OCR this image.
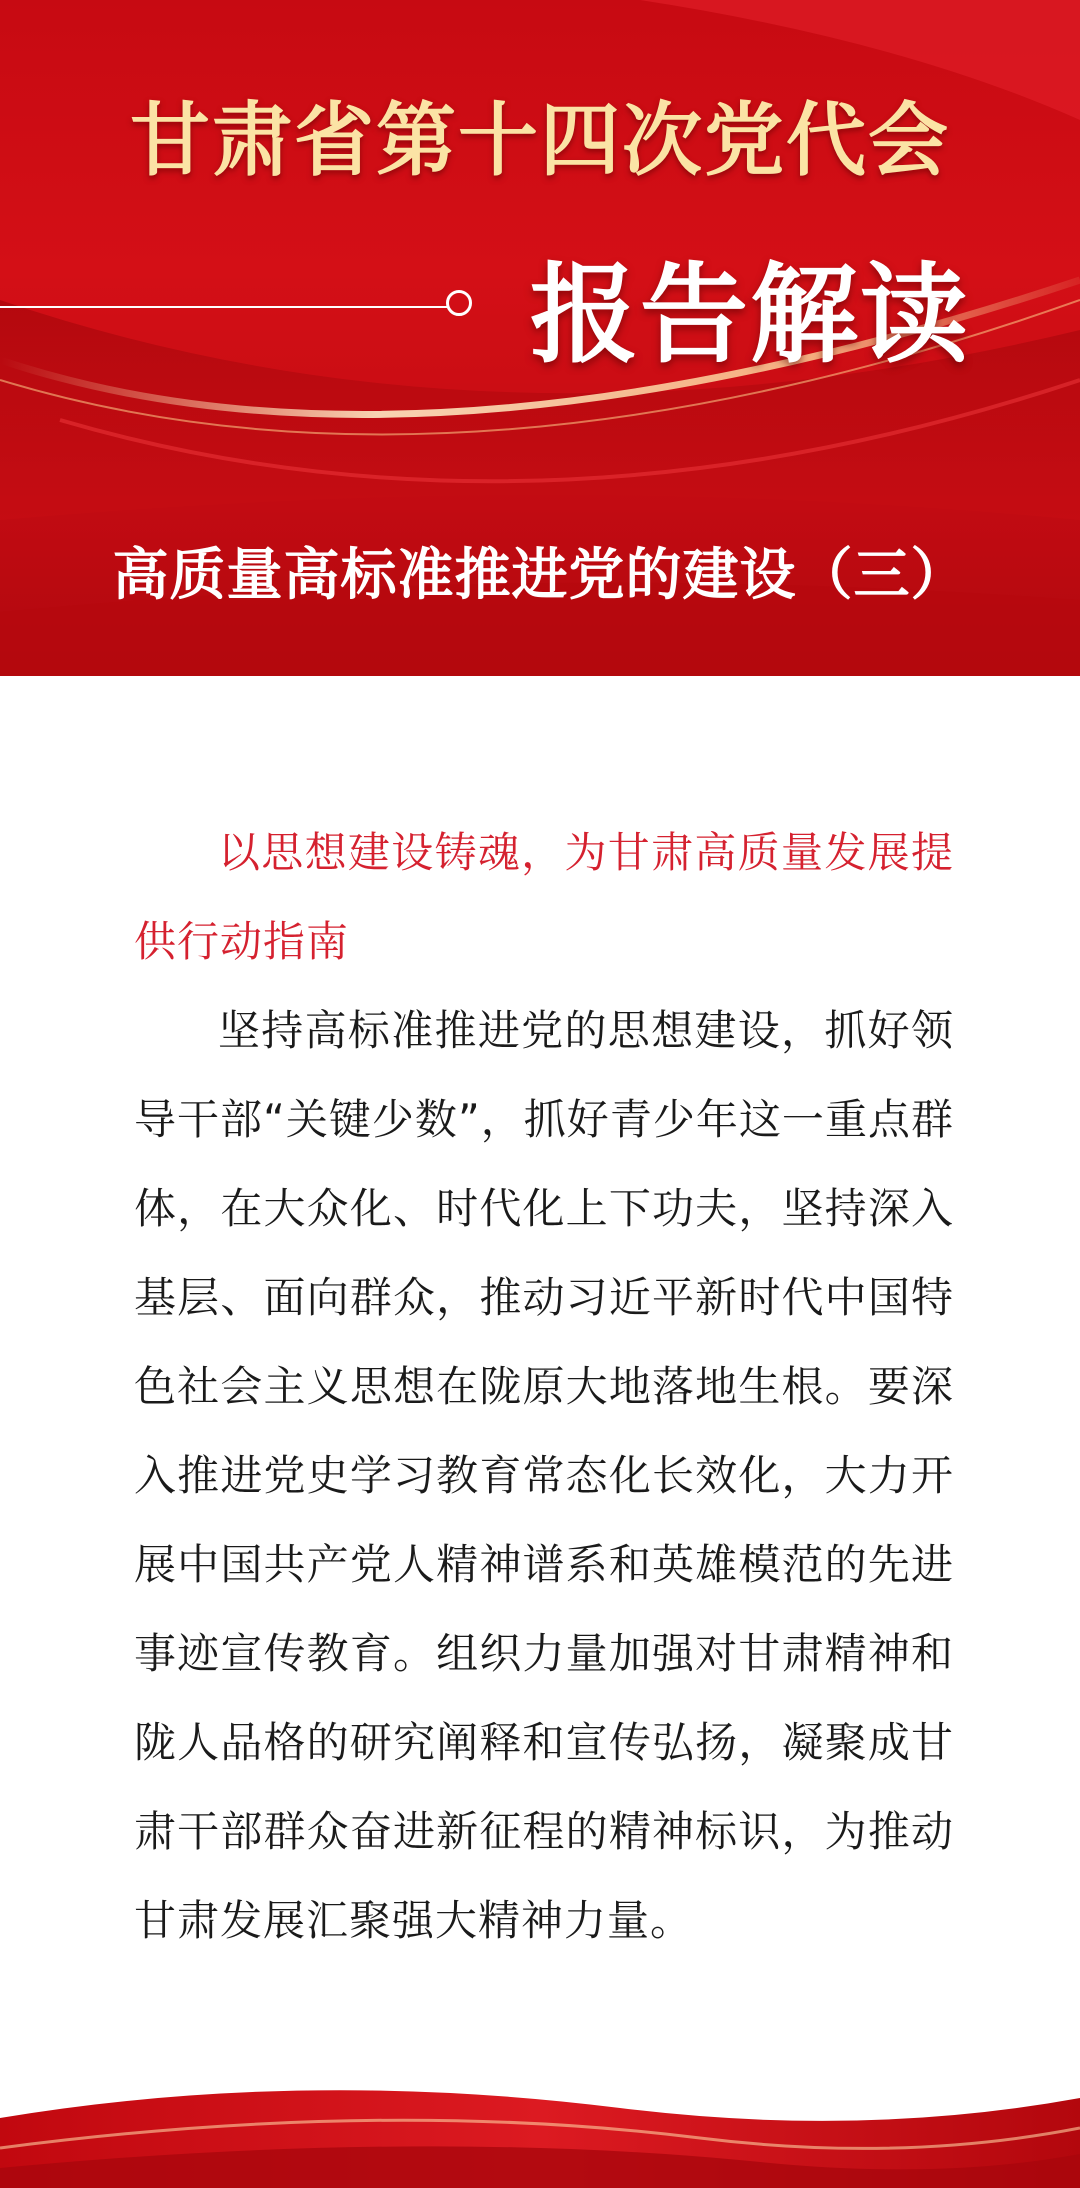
甘肃省第十四次党代会
报告解读
高质量高标准推进党的建设（三）

以思想建设铸魂，为甘肃高质量发展提供行动指南

坚持高标准推进党的思想建设，抓好领导干部“关键少数”，抓好青少年这一重点群体，在大众化、时代化上下功夫，坚持深入基层、面向群众，推动习近平新时代中国特色社会主义思想在陇原大地落地生根。要深入推进党史学习教育常态化长效化，大力开展中国共产党人精神谱系和英雄模范的先进事迹宣传教育。组织力量加强对甘肃精神和陇人品格的研究阐释和宣传弘扬，凝聚成甘肃干部群众奋进新征程的精神标识，为推动甘肃发展汇聚强大精神力量。
